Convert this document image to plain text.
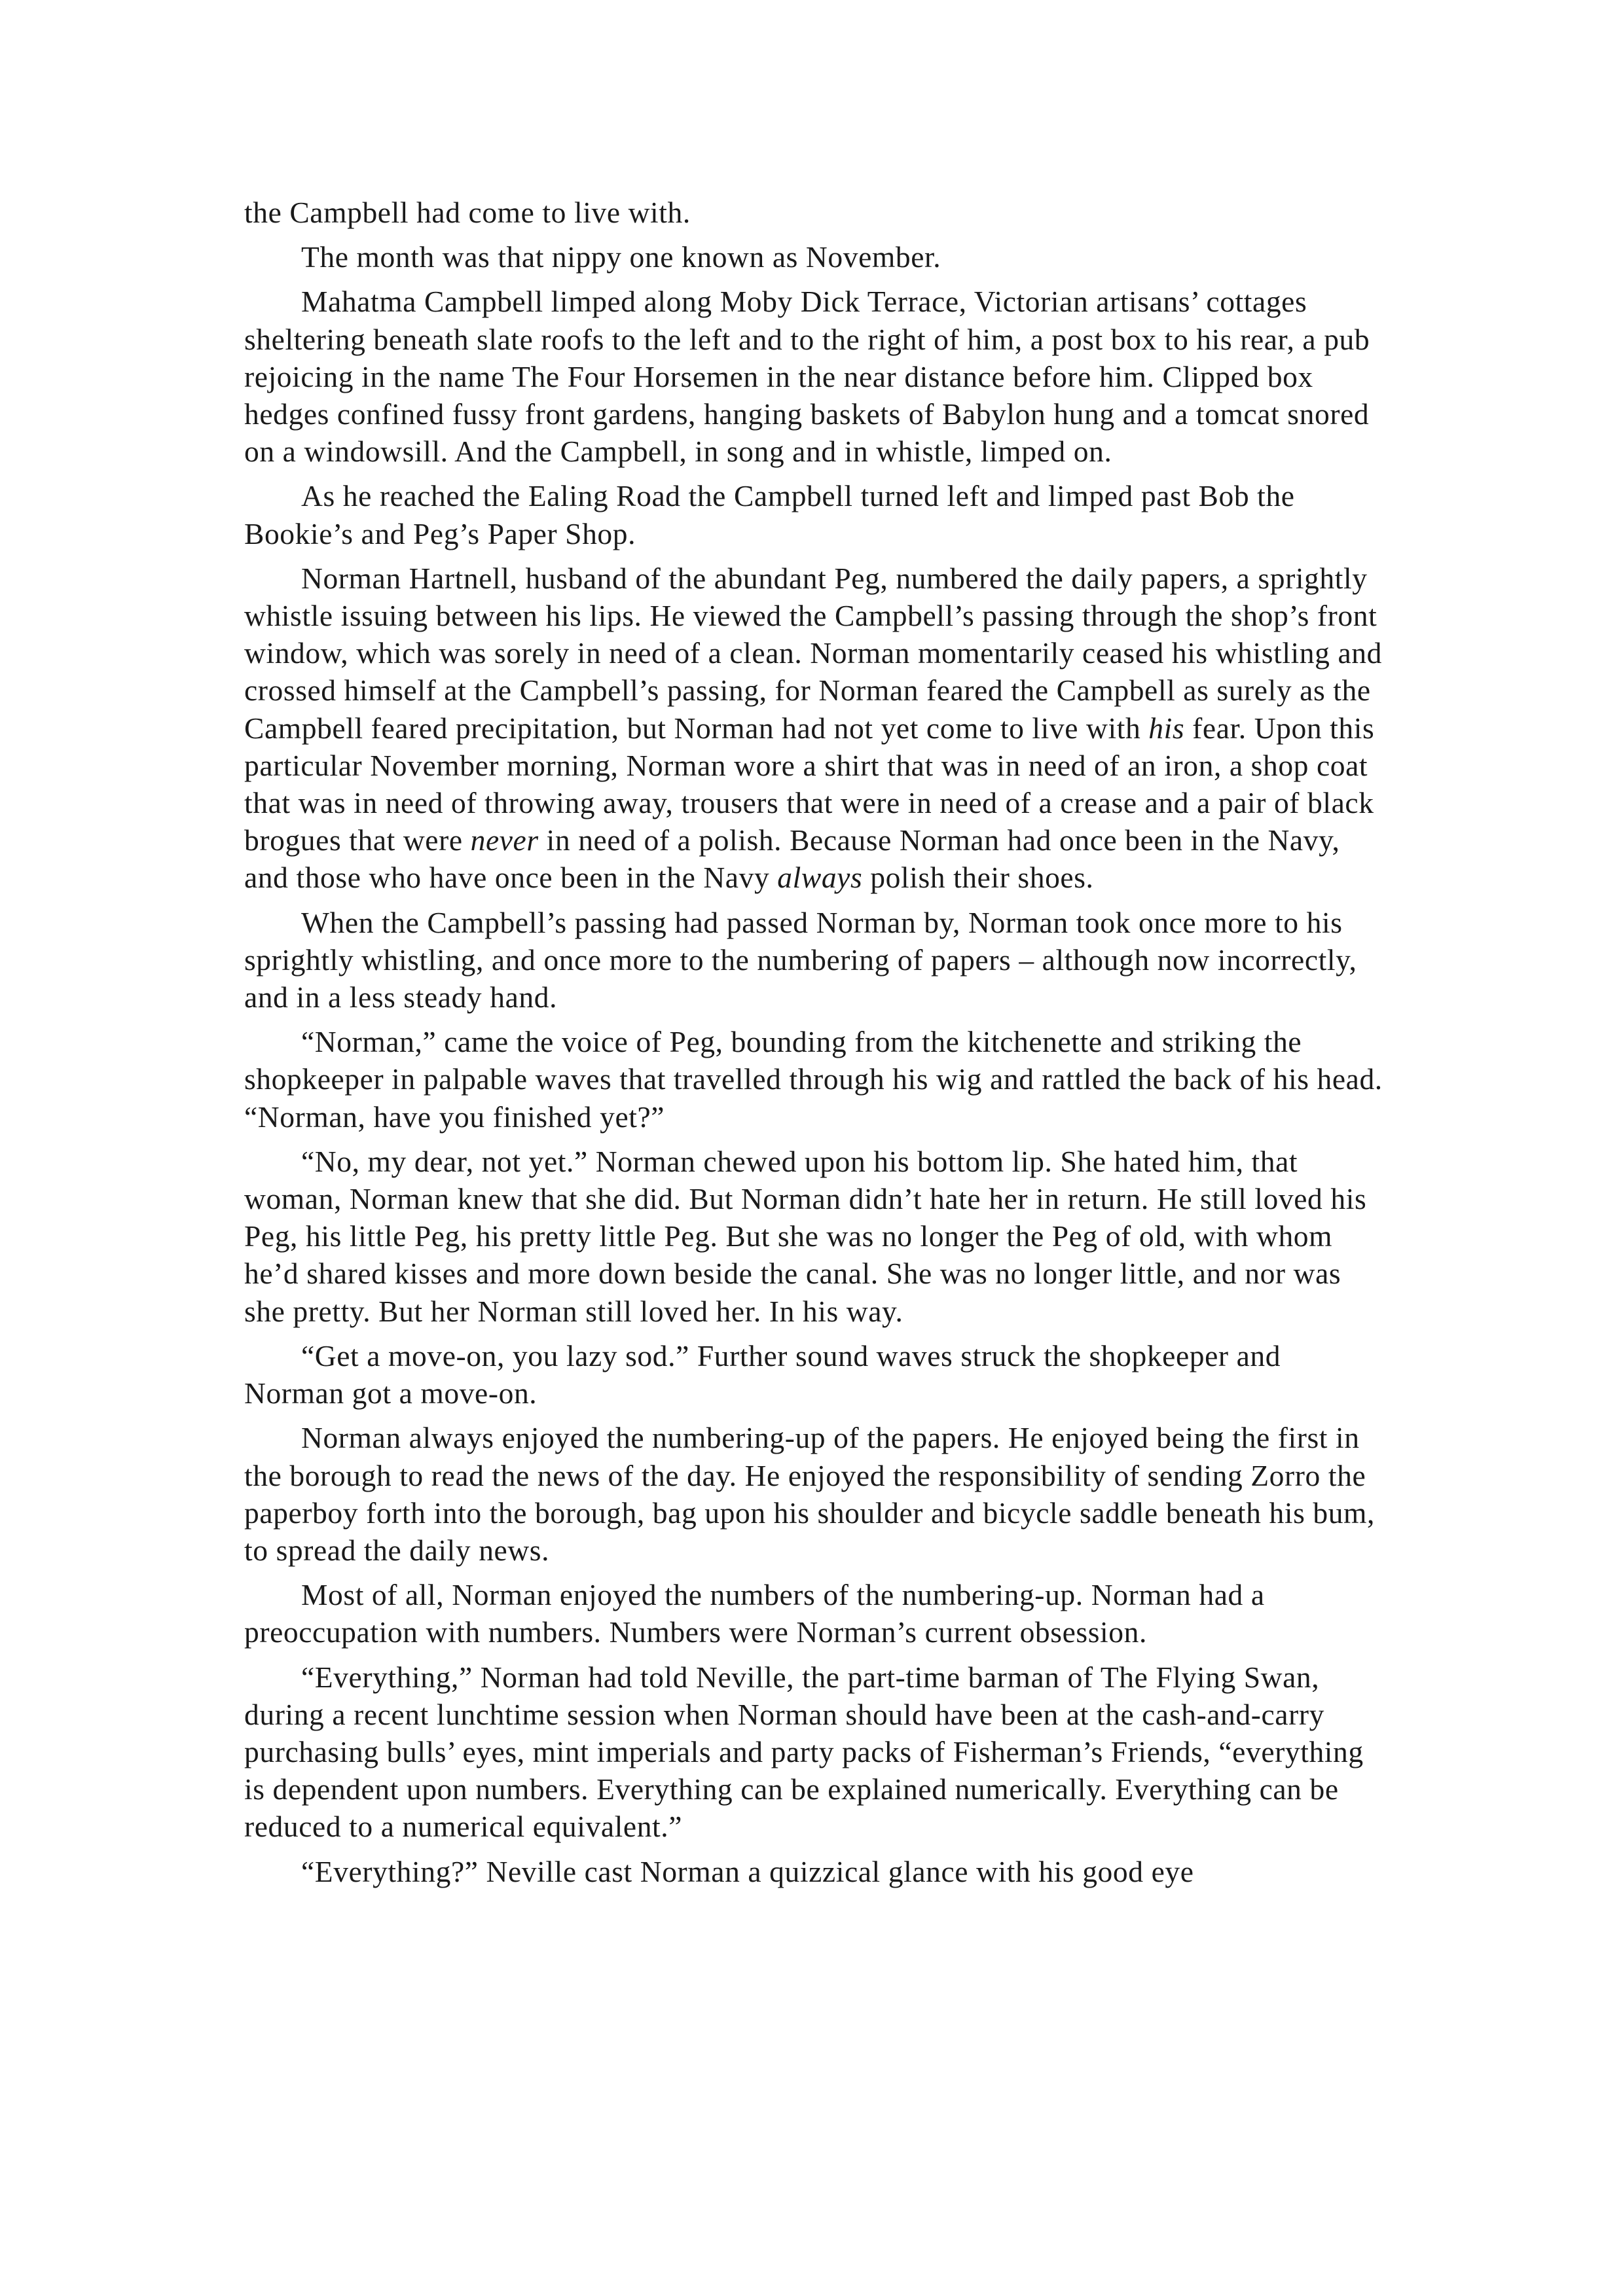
the Campbell had come to live with.

The month was that nippy one known as November.

Mahatma Campbell limped along Moby Dick Terrace, Victorian artisans’ cottages sheltering beneath slate roofs to the left and to the right of him, a post box to his rear, a pub rejoicing in the name The Four Horsemen in the near distance before him. Clipped box hedges confined fussy front gardens, hanging baskets of Babylon hung and a tomcat snored on a windowsill. And the Campbell, in song and in whistle, limped on.

As he reached the Ealing Road the Campbell turned left and limped past Bob the Bookie’s and Peg’s Paper Shop.

Norman Hartnell, husband of the abundant Peg, numbered the daily papers, a sprightly whistle issuing between his lips. He viewed the Campbell’s passing through the shop’s front window, which was sorely in need of a clean. Norman momentarily ceased his whistling and crossed himself at the Campbell’s passing, for Norman feared the Campbell as surely as the Campbell feared precipitation, but Norman had not yet come to live with his fear. Upon this particular November morning, Norman wore a shirt that was in need of an iron, a shop coat that was in need of throwing away, trousers that were in need of a crease and a pair of black brogues that were never in need of a polish. Because Norman had once been in the Navy, and those who have once been in the Navy always polish their shoes.

When the Campbell’s passing had passed Norman by, Norman took once more to his sprightly whistling, and once more to the numbering of papers – although now incorrectly, and in a less steady hand.

“Norman,” came the voice of Peg, bounding from the kitchenette and striking the shopkeeper in palpable waves that travelled through his wig and rattled the back of his head. “Norman, have you finished yet?”

“No, my dear, not yet.” Norman chewed upon his bottom lip. She hated him, that woman, Norman knew that she did. But Norman didn’t hate her in return. He still loved his Peg, his little Peg, his pretty little Peg. But she was no longer the Peg of old, with whom he’d shared kisses and more down beside the canal. She was no longer little, and nor was she pretty. But her Norman still loved her. In his way.

“Get a move-on, you lazy sod.” Further sound waves struck the shopkeeper and Norman got a move-on.

Norman always enjoyed the numbering-up of the papers. He enjoyed being the first in the borough to read the news of the day. He enjoyed the responsibility of sending Zorro the paperboy forth into the borough, bag upon his shoulder and bicycle saddle beneath his bum, to spread the daily news.

Most of all, Norman enjoyed the numbers of the numbering-up. Norman had a preoccupation with numbers. Numbers were Norman’s current obsession.

“Everything,” Norman had told Neville, the part-time barman of The Flying Swan, during a recent lunchtime session when Norman should have been at the cash-and-carry purchasing bulls’ eyes, mint imperials and party packs of Fisherman’s Friends, “everything is dependent upon numbers. Everything can be explained numerically. Everything can be reduced to a numerical equivalent.”

“Everything?” Neville cast Norman a quizzical glance with his good eye
